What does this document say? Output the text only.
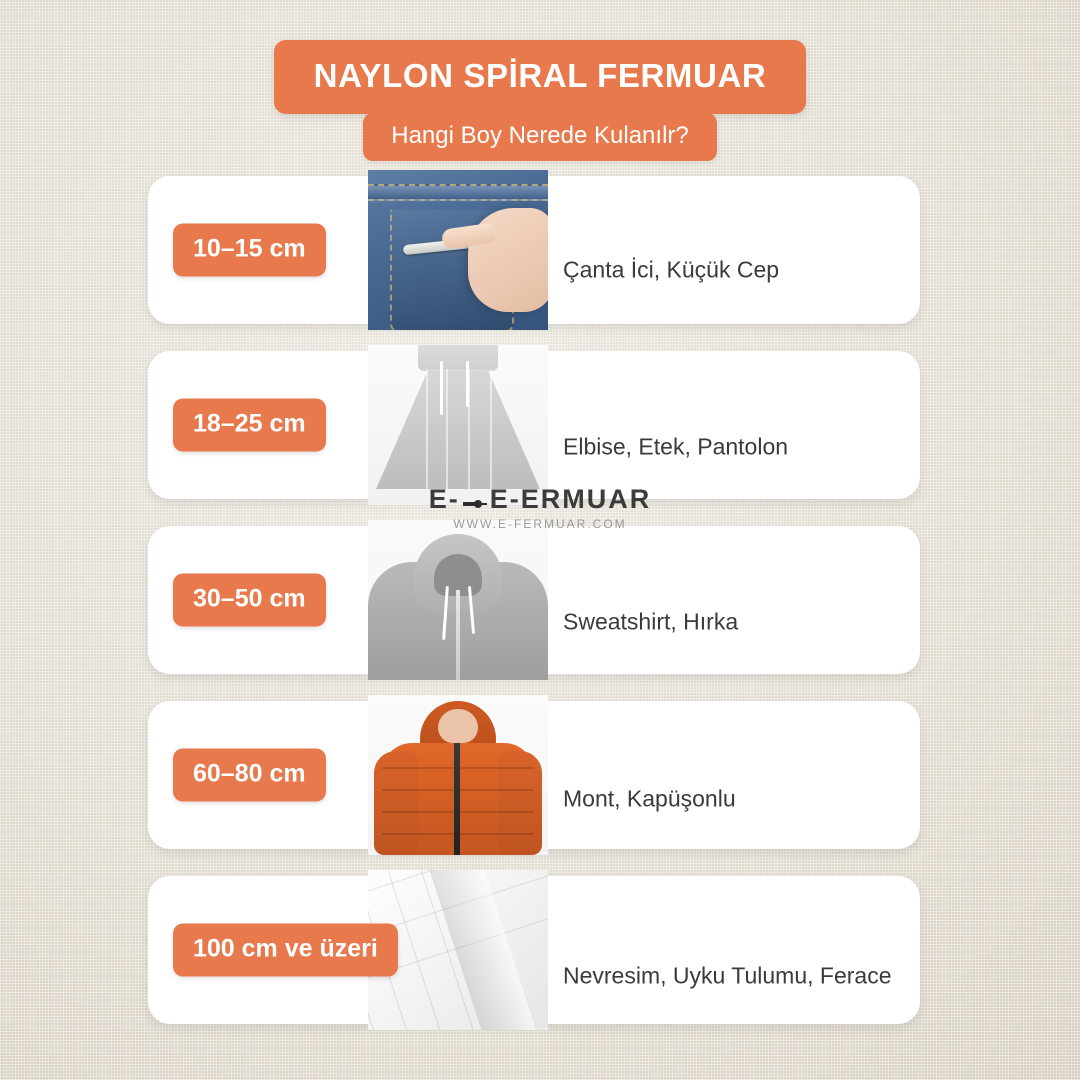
NAYLON SPİRAL FERMUAR
Hangi Boy Nerede Kulanılr?
10–15 cm
Çanta İci, Küçük Cep
18–25 cm
Elbise, Etek, Pantolon
30–50 cm
Sweatshirt, Hırka
60–80 cm
Mont, Kapüşonlu
100 cm ve üzeri
Nevresim, Uyku Tulumu, Ferace
E- E-ERMUAR
WWW.E-FERMUAR.COM
